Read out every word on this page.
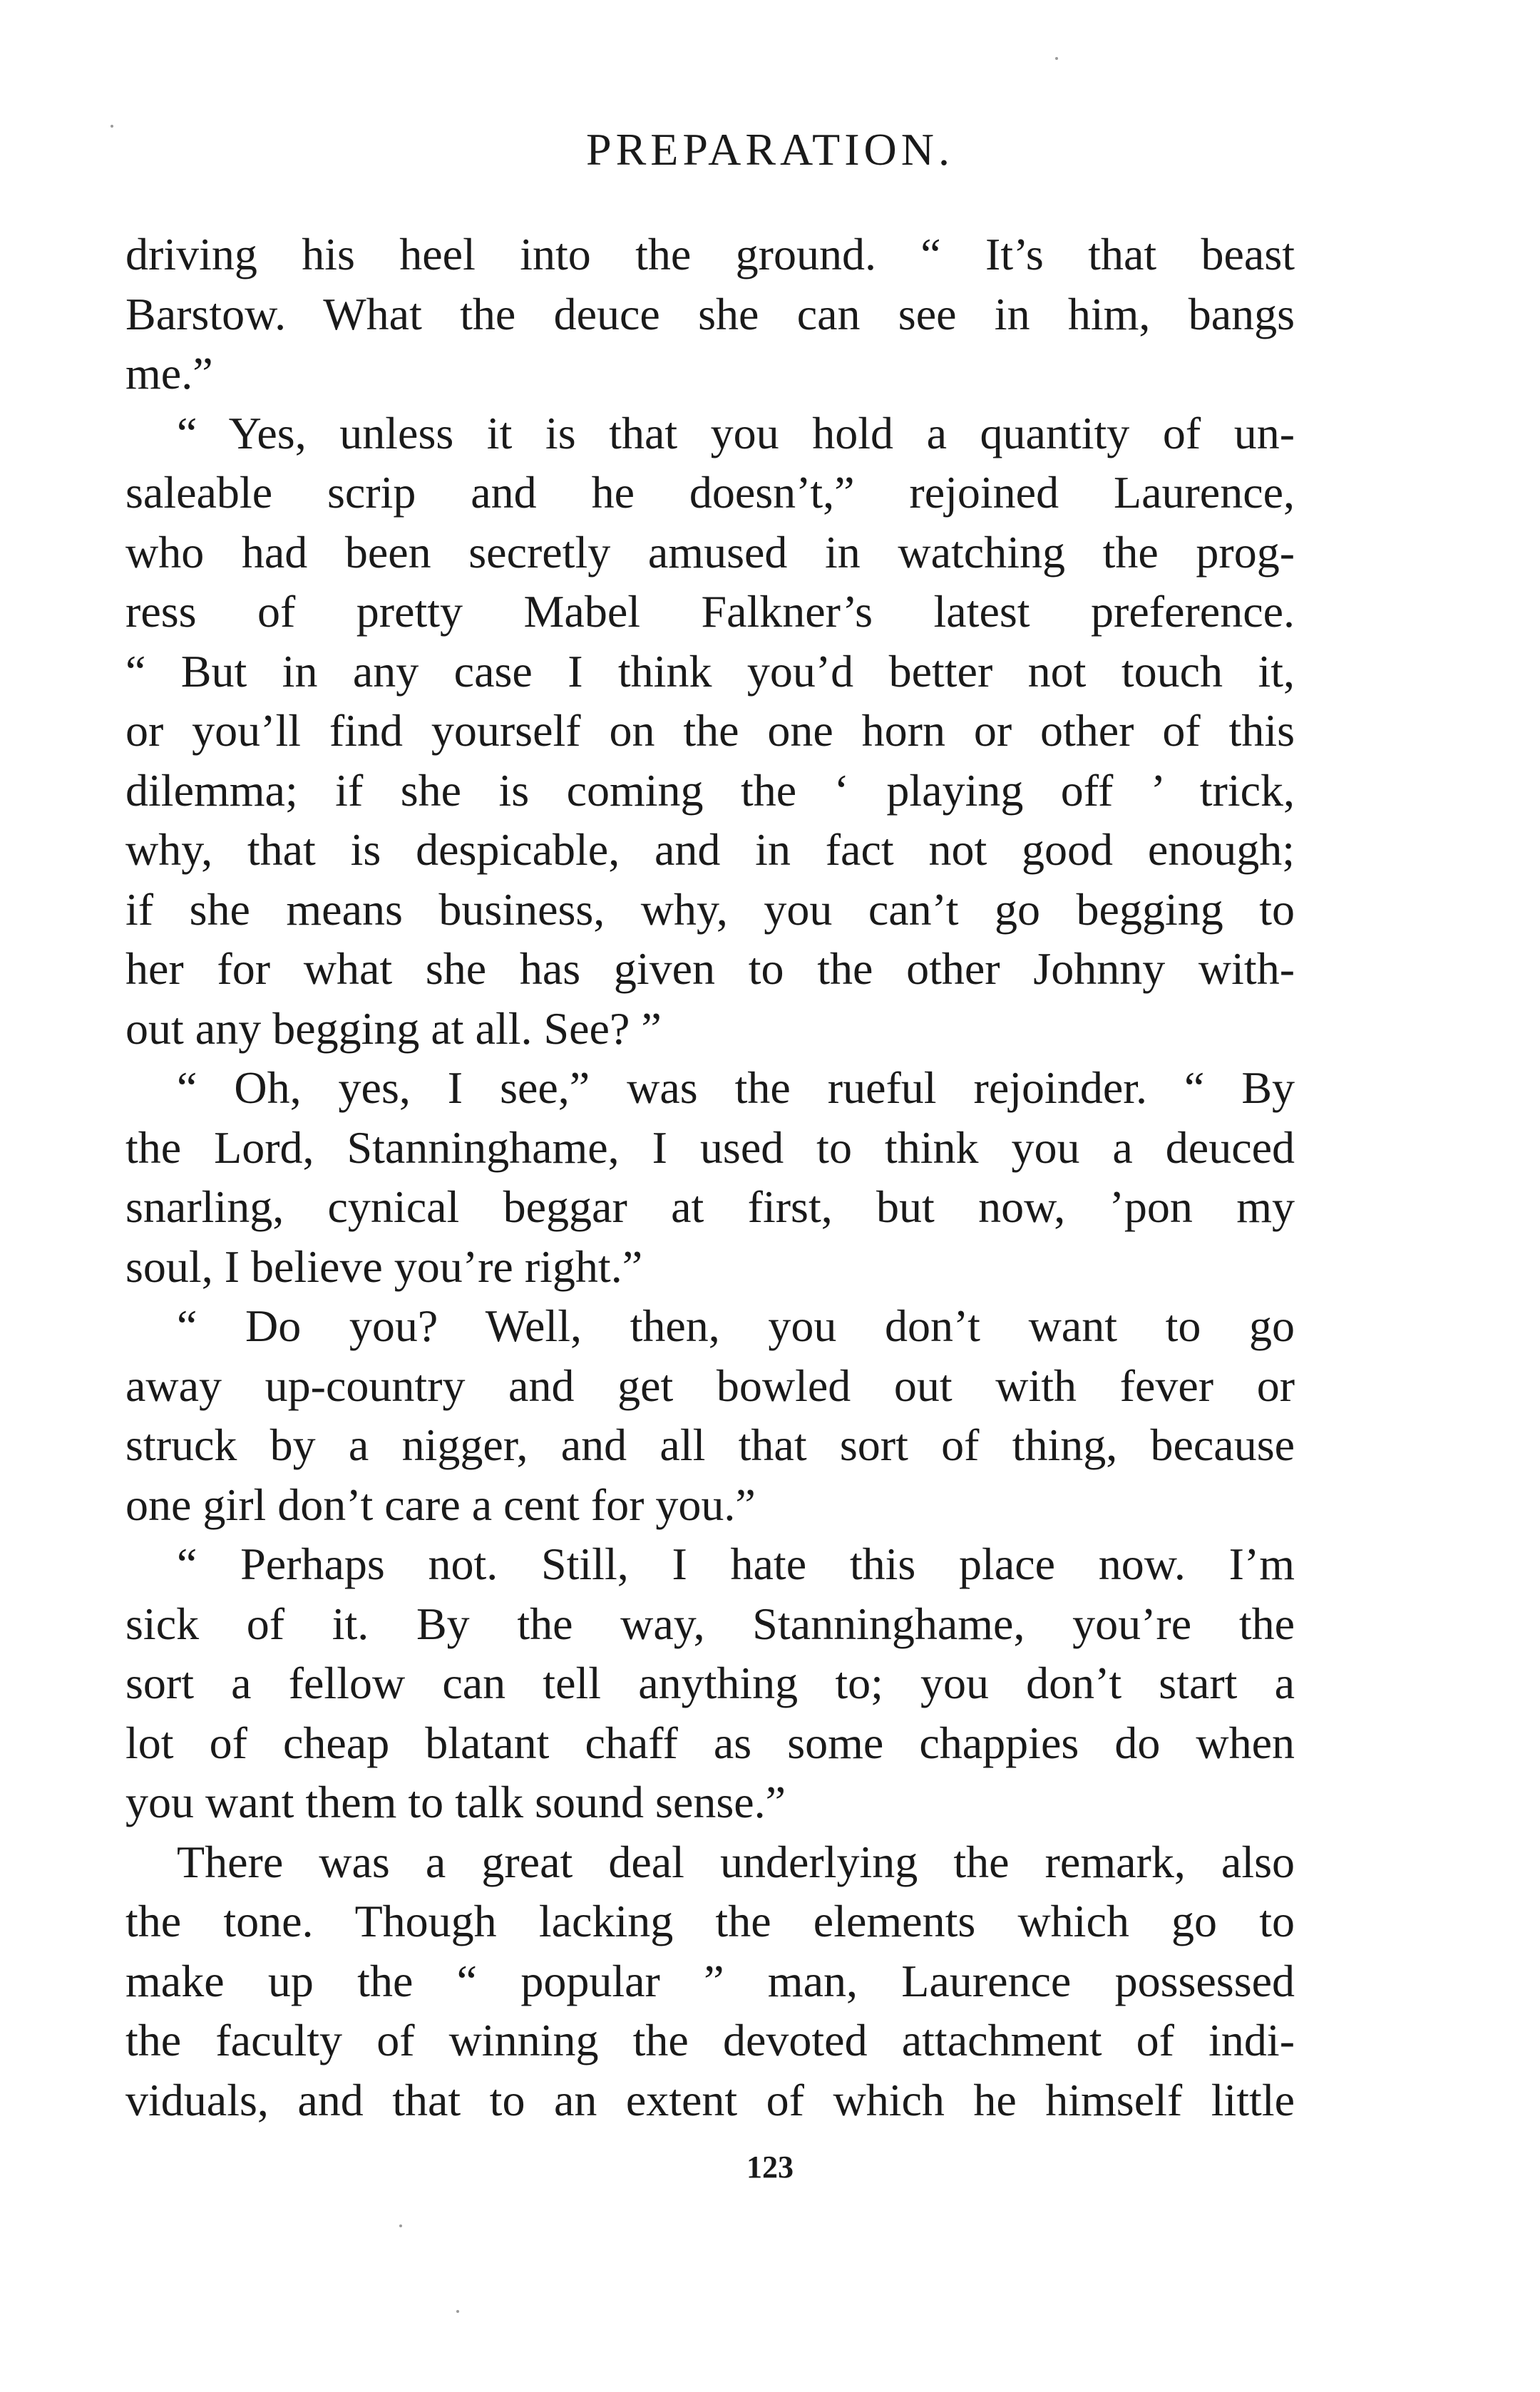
PREPARATION.
driving his heel into the ground. “ It’s that beast
Barstow. What the deuce she can see in him, bangs
me.”
“ Yes, unless it is that you hold a quantity of un-
saleable scrip and he doesn’t,” rejoined Laurence,
who had been secretly amused in watching the prog-
ress of pretty Mabel Falkner’s latest preference.
“ But in any case I think you’d better not touch it,
or you’ll find yourself on the one horn or other of this
dilemma; if she is coming the ‘ playing off ’ trick,
why, that is despicable, and in fact not good enough;
if she means business, why, you can’t go begging to
her for what she has given to the other Johnny with-
out any begging at all. See? ”
“ Oh, yes, I see,” was the rueful rejoinder. “ By
the Lord, Stanninghame, I used to think you a deuced
snarling, cynical beggar at first, but now, ’pon my
soul, I believe you’re right.”
“ Do you? Well, then, you don’t want to go
away up-country and get bowled out with fever or
struck by a nigger, and all that sort of thing, because
one girl don’t care a cent for you.”
“ Perhaps not. Still, I hate this place now. I’m
sick of it. By the way, Stanninghame, you’re the
sort a fellow can tell anything to; you don’t start a
lot of cheap blatant chaff as some chappies do when
you want them to talk sound sense.”
There was a great deal underlying the remark, also
the tone. Though lacking the elements which go to
make up the “ popular ” man, Laurence possessed
the faculty of winning the devoted attachment of indi-
viduals, and that to an extent of which he himself little
123
